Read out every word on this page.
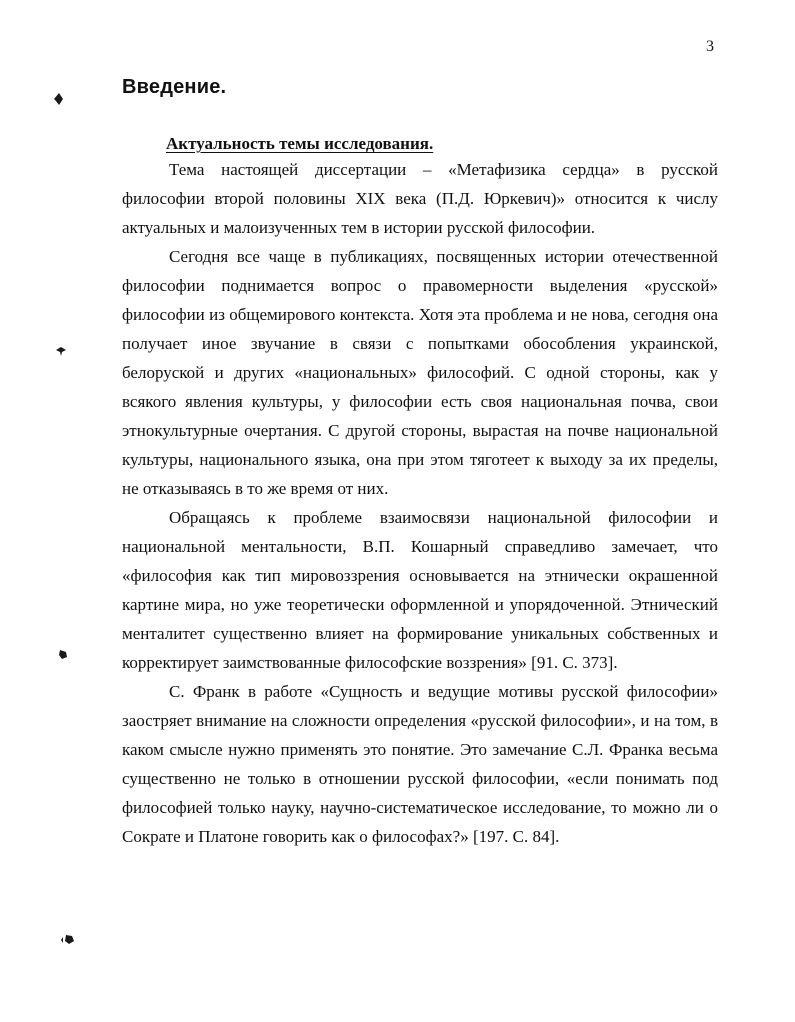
3
Введение.
Актуальность темы исследования.

Тема настоящей диссертации – «Метафизика сердца» в русской философии второй половины XIX века (П.Д. Юркевич)» относится к числу актуальных и малоизученных тем в истории русской философии.

Сегодня все чаще в публикациях, посвященных истории отечественной философии поднимается вопрос о правомерности выделения «русской» философии из общемирового контекста. Хотя эта проблема и не нова, сегодня она получает иное звучание в связи с попытками обособления украинской, белоруской и других «национальных» философий. С одной стороны, как у всякого явления культуры, у философии есть своя национальная почва, свои этнокультурные очертания. С другой стороны, вырастая на почве национальной культуры, национального языка, она при этом тяготеет к выходу за их пределы, не отказываясь в то же время от них.

Обращаясь к проблеме взаимосвязи национальной философии и национальной ментальности, В.П. Кошарный справедливо замечает, что «философия как тип мировоззрения основывается на этнически окрашенной картине мира, но уже теоретически оформленной и упорядоченной. Этнический менталитет существенно влияет на формирование уникальных собственных и корректирует заимствованные философские воззрения» [91. С. 373].

С. Франк в работе «Сущность и ведущие мотивы русской философии» заостряет внимание на сложности определения «русской философии», и на том, в каком смысле нужно применять это понятие. Это замечание С.Л. Франка весьма существенно не только в отношении русской философии, «если понимать под философией только науку, научно-систематическое исследование, то можно ли о Сократе и Платоне говорить как о философах?» [197. С. 84].
